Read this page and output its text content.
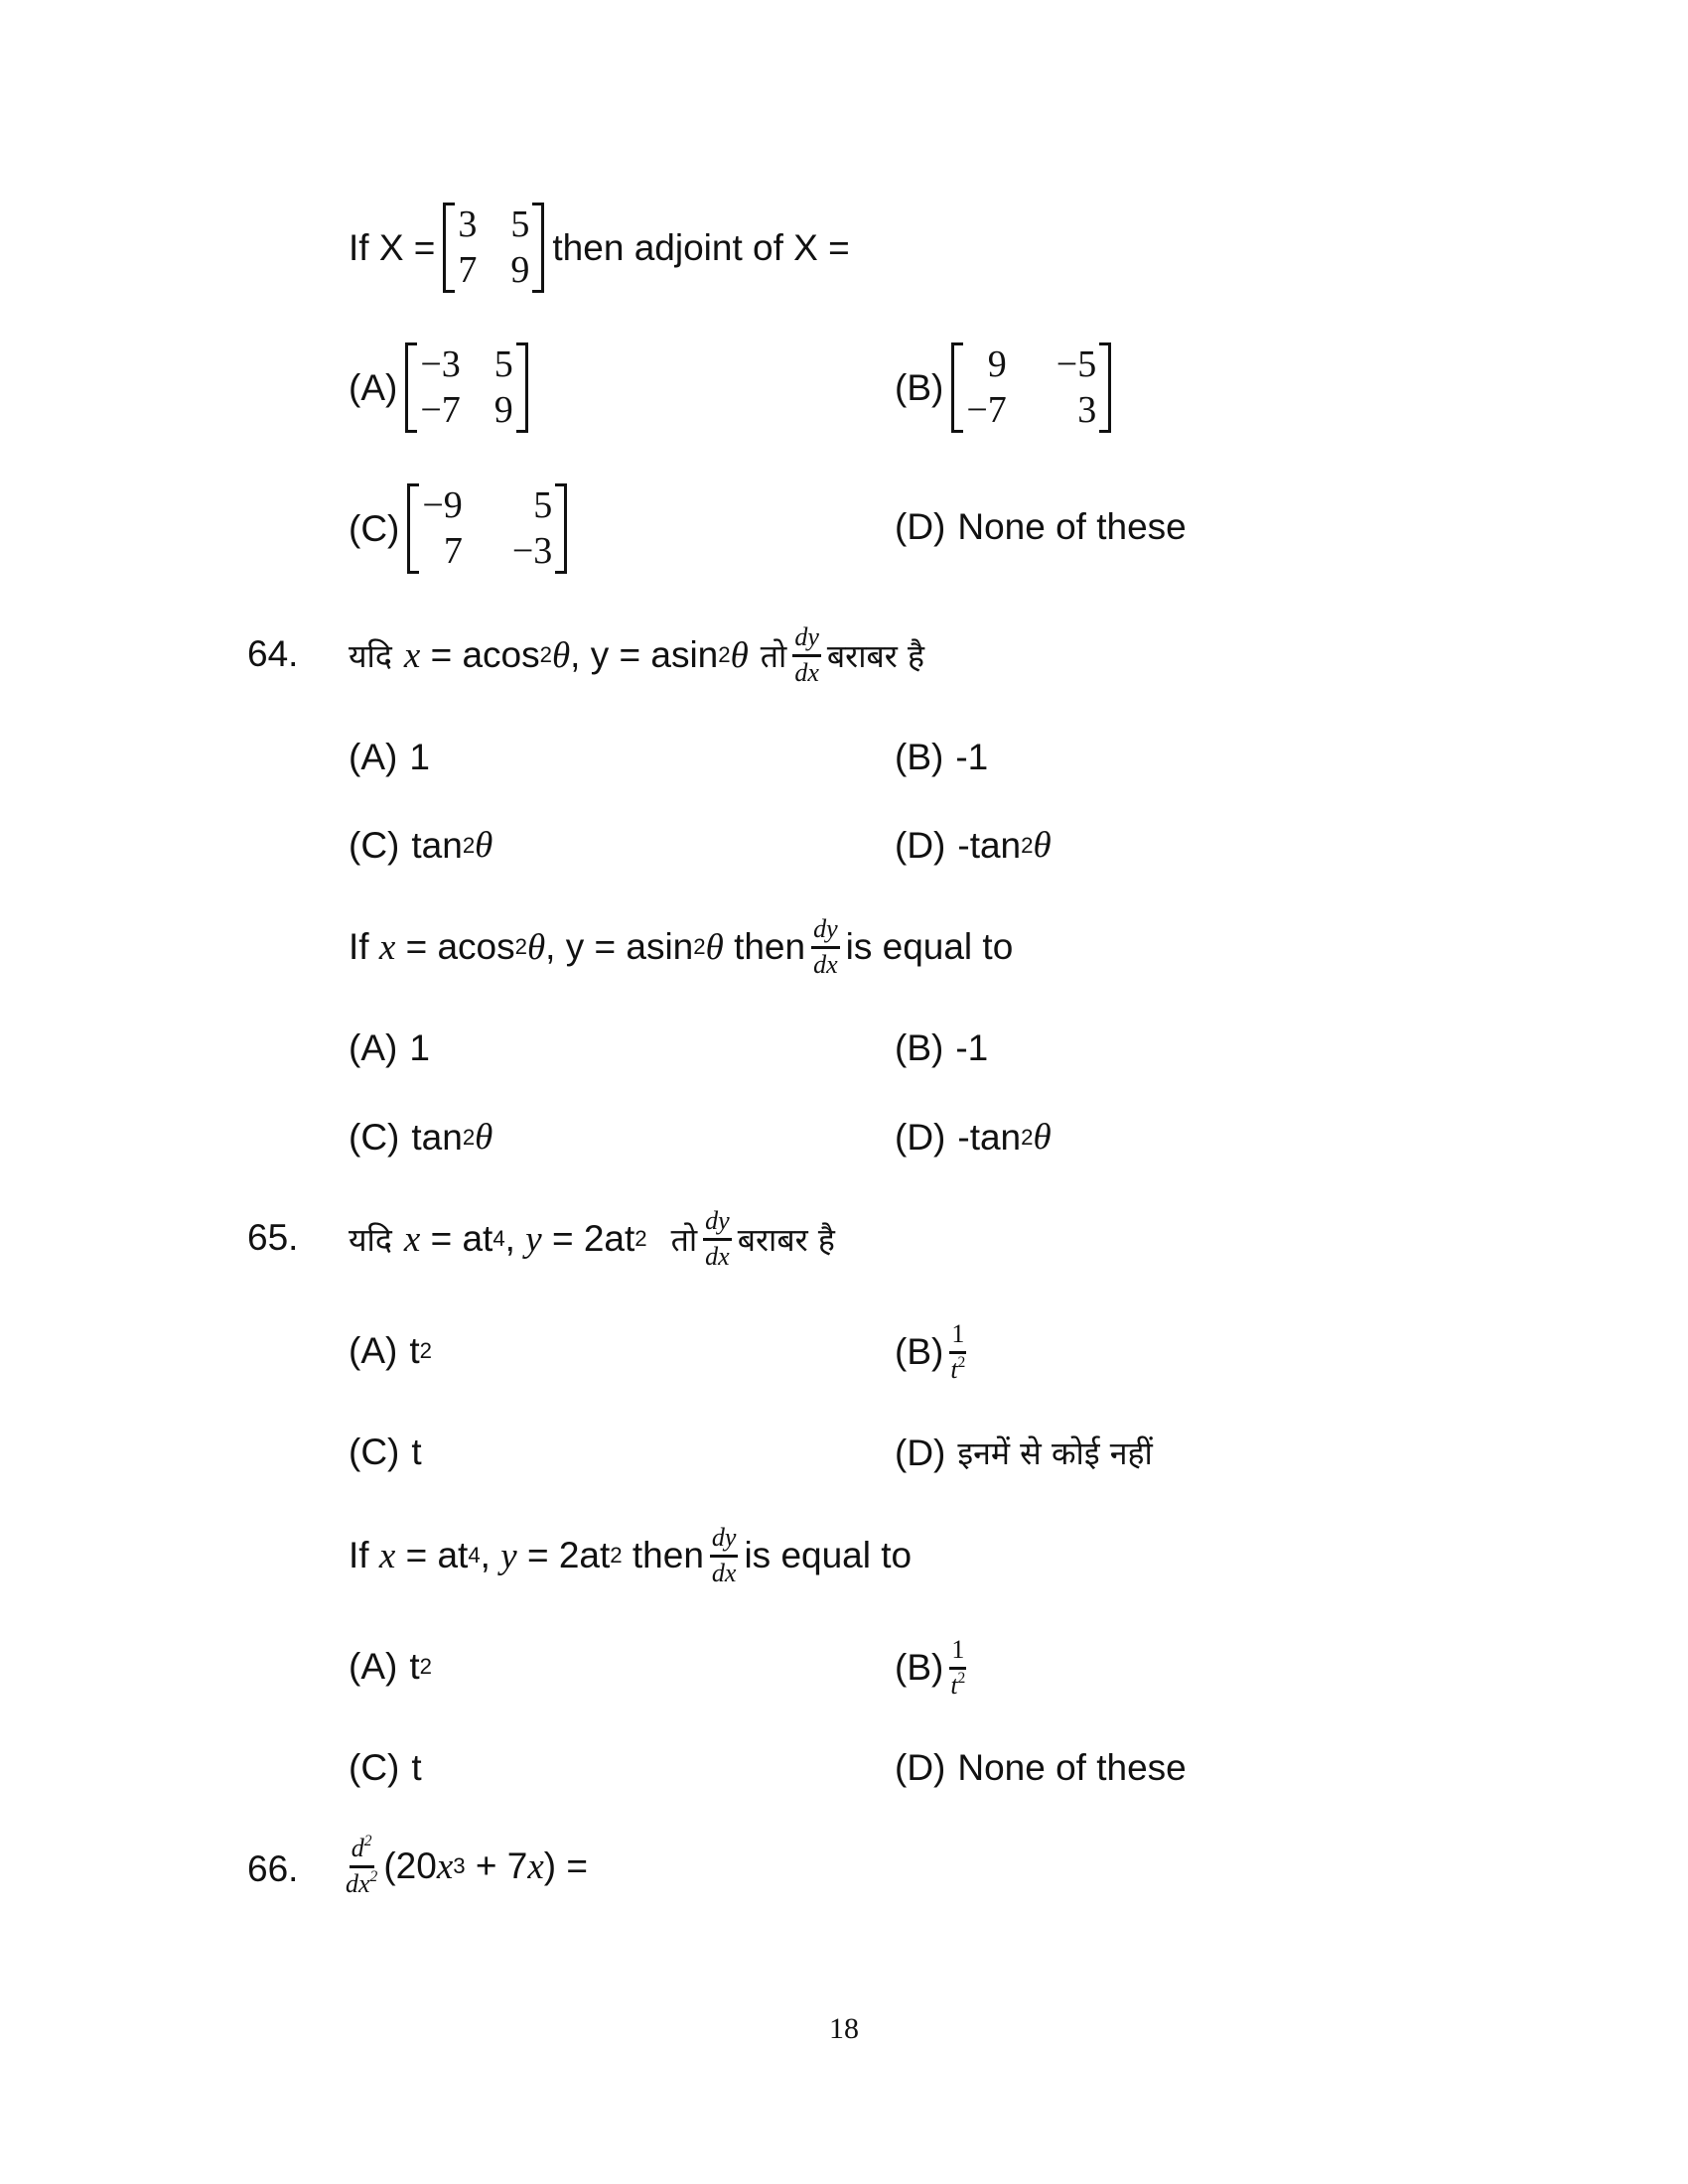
If X =
3 5
7 9
then adjoint of X =
(A)
−3 5
−7 9
(B)
9 −5
−7	3
(C)
−9	5
7 −3
(D) None of these
64. यदि x
= acos 2 θ ,
y = asin 2 θ तो $\frac{dy}{dx}$ बराबर है
(A) 1	(B) -1
(C) tan 2 θ	(D) -tan 2 θ
If
x
= acos 2 θ , y = asin 2 θ
then $\frac{dy}{dx}$ is equal to
(A) 1	(B) -1
(C) tan 2 θ	(D) -tan 2 θ
65. यदि x
= at 4 , y
= 2at 2 तो $\frac{dy}{dx}$ बराबर है
(A) t 2	$(B) \frac{1}{t^2}$
(C) t	(D) इनमें से कोई नहीं
If
x
= at 4 , y
= 2at 2
then $\frac{dy}{dx}$ is equal to
(A) t 2	$(B) \frac{1}{t^2}$
(C) t	(D) None of these
66. $\frac{d^2}{dx^2} (20$ x 3
+ 7 x ) =
18
